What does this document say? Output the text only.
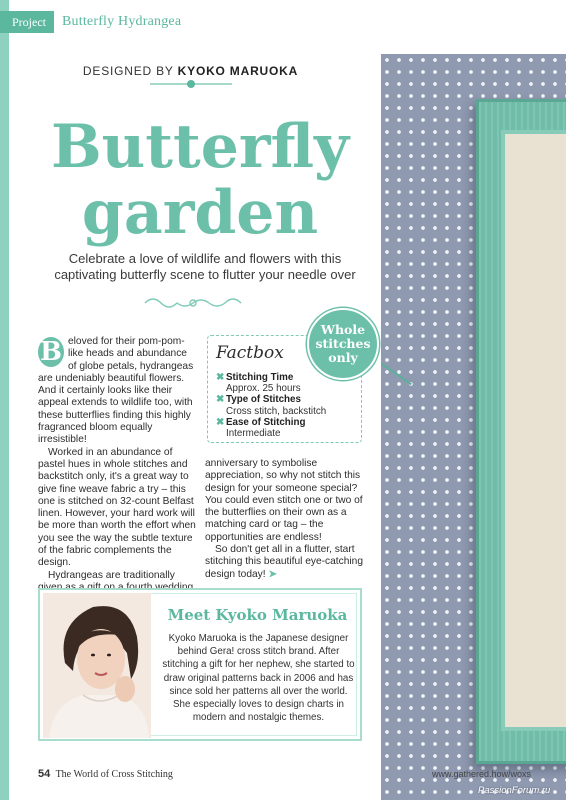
Project	Butterfly Hydrangea
DESIGNED BY KYOKO MARUOKA
Butterfly
garden
Celebrate a love of wildlife and flowers with this captivating butterfly scene to flutter your needle over
B eloved for their pom-pom-like heads and abundance of globe petals, hydrangeas are undeniably beautiful flowers. And it certainly looks like their appeal extends to wildlife too, with these butterflies finding this highly fragranced bloom equally irresistible!

Worked in an abundance of pastel hues in whole stitches and backstitch only, it's a great way to give fine weave fabric a try – this one is stitched on 32-count Belfast linen. However, your hard work will be more than worth the effort when you see the way the subtle texture of the fabric complements the design.

Hydrangeas are traditionally

Factbox
✖ Stitching Time
Approx. 25 hours
✖ Type of Stitches
Cross stitch, backstitch
✖ Ease of Stitching
Intermediate
Whole
stitches
only

anniversary to symbolise appreciation, so why not stitch this design for your someone special? You could even stitch one or two of the butterflies on their own as a matching card or tag – the opportunities are endless!

So don't get all in a flutter, start stitching this beautiful eye-catching design today! ➤

Meet Kyoko Maruoka
Kyoko Maruoka is the Japanese designer behind Gera! cross stitch brand. After stitching a gift for her nephew, she started to draw original patterns back in 2006 and has since sold her patterns all over the world. She especially loves to design charts in modern and nostalgic themes.
54 The World of Cross Stitching	www.gathered.how/woxs
PassionForum.ru
